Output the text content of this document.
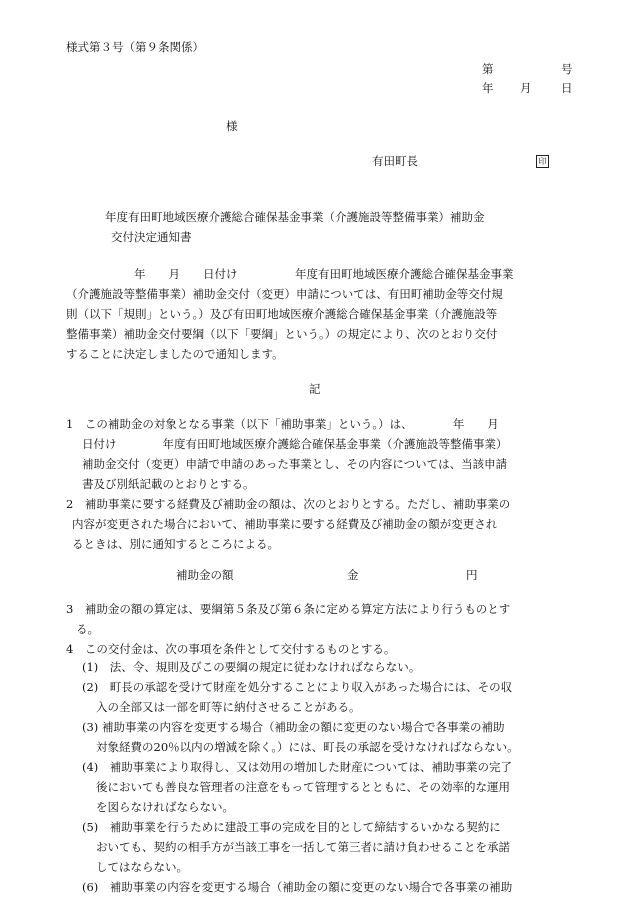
様式第３号（第９条関係）
第	号
年 月	日
様
有田町長	印
年度有田町地域医療介護総合確保基金事業（介護施設等整備事業）補助金
交付決定通知書
年　　月　　日付け　　　　　年度有田町地域医療介護総合確保基金事業
（介護施設等整備事業）補助金交付（変更）申請については、有田町補助金等交付規
則（以下「規則」という。）及び有田町地域医療介護総合確保基金事業（介護施設等
整備事業）補助金交付要綱（以下「要綱」という。）の規定により、次のとおり交付
することに決定しましたので通知します。
記
1　この補助金の対象となる事業（以下「補助事業」という。）は、　　　　年　　月
日付け　　　　年度有田町地域医療介護総合確保基金事業（介護施設等整備事業）
補助金交付（変更）申請で申請のあった事業とし、その内容については、当該申請
書及び別紙記載のとおりとする。
2　補助事業に要する経費及び補助金の額は、次のとおりとする。ただし、補助事業の
内容が変更された場合において、補助事業に要する経費及び補助金の額が変更され
るときは、別に通知するところによる。
補助金の額	金	円
3　補助金の額の算定は、要綱第５条及び第６条に定める算定方法により行うものとす
る。
4　この交付金は、次の事項を条件として交付するものとする。
(1)　法、令、規則及びこの要綱の規定に従わなければならない。
(2)　町長の承認を受けて財産を処分することにより収入があった場合には、その収
入の全部又は一部を町等に納付させることがある。
(3) 補助事業の内容を変更する場合（補助金の額に変更のない場合で各事業の補助
対象経費の20％以内の増減を除く。）には、町長の承認を受けなければならない。
(4)　補助事業により取得し、又は効用の増加した財産については、補助事業の完了
後においても善良な管理者の注意をもって管理するとともに、その効率的な運用
を図らなければならない。
(5)　補助事業を行うために建設工事の完成を目的として締結するいかなる契約に
おいても、契約の相手方が当該工事を一括して第三者に請け負わせることを承諾
してはならない。
(6)　補助事業の内容を変更する場合（補助金の額に変更のない場合で各事業の補助
